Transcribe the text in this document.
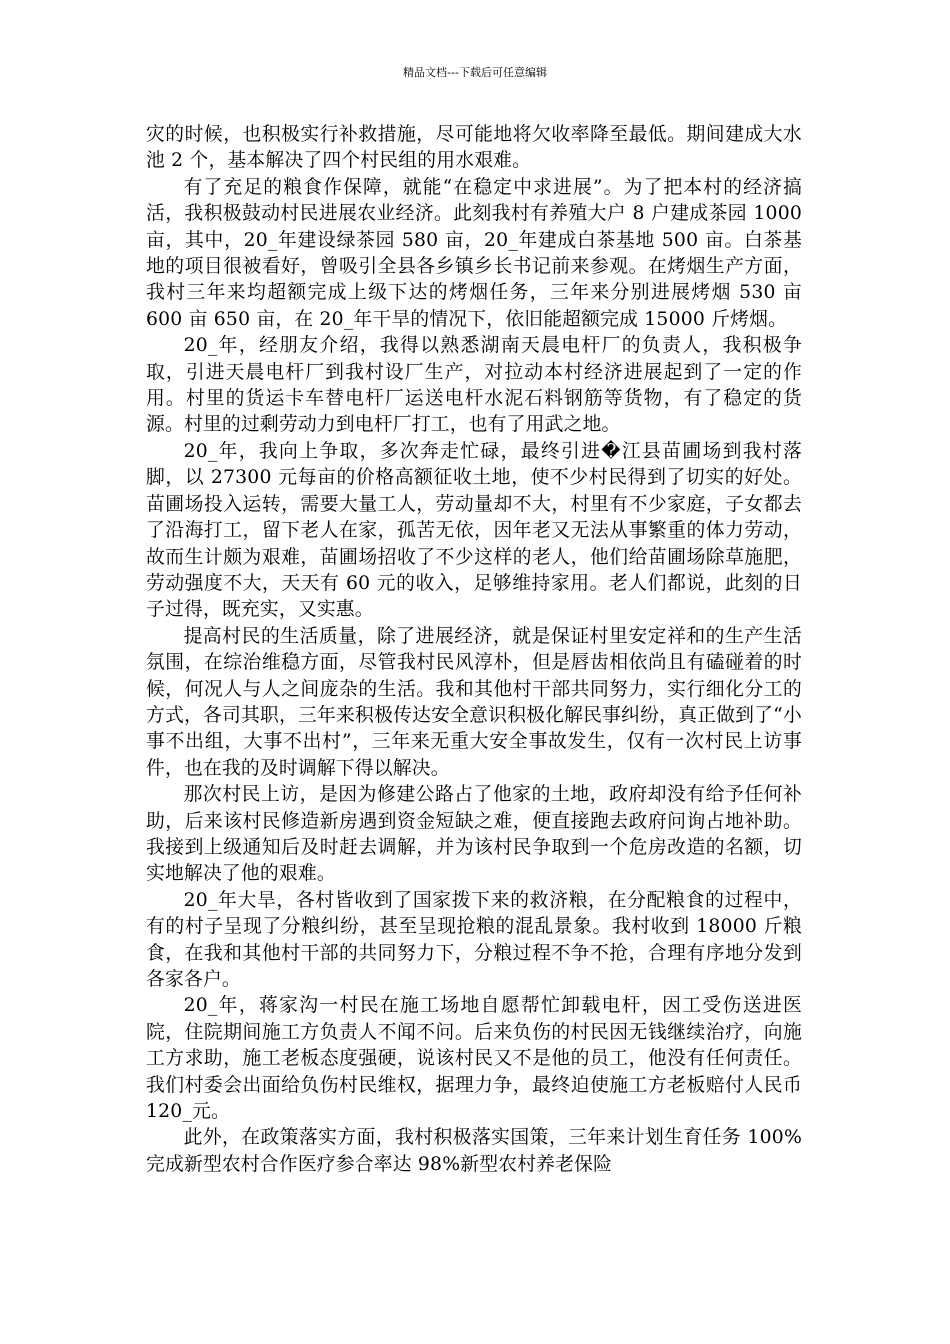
精品文档---下载后可任意编辑

灾的时候，也积极实行补救措施，尽可能地将欠收率降至最低。期间建成大水池 2 个，基本解决了四个村民组的用水艰难。

有了充足的粮食作保障，就能“在稳定中求进展”。为了把本村的经济搞活，我积极鼓动村民进展农业经济。此刻我村有养殖大户 8 户建成茶园 1000 亩，其中，20_年建设绿茶园 580 亩，20_年建成白茶基地 500 亩。白茶基地的项目很被看好，曾吸引全县各乡镇乡长书记前来参观。在烤烟生产方面，我村三年来均超额完成上级下达的烤烟任务，三年来分别进展烤烟 530 亩 600 亩 650 亩，在 20_年干旱的情况下，依旧能超额完成 15000 斤烤烟。

20_年，经朋友介绍，我得以熟悉湖南天晨电杆厂的负责人，我积极争取，引进天晨电杆厂到我村设厂生产，对拉动本村经济进展起到了一定的作用。村里的货运卡车替电杆厂运送电杆水泥石料钢筋等货物，有了稳定的货源。村里的过剩劳动力到电杆厂打工，也有了用武之地。

20_年，我向上争取，多次奔走忙碌，最终引进�江县苗圃场到我村落脚，以 27300 元每亩的价格高额征收土地，使不少村民得到了切实的好处。苗圃场投入运转，需要大量工人，劳动量却不大，村里有不少家庭，子女都去了沿海打工，留下老人在家，孤苦无依，因年老又无法从事繁重的体力劳动，故而生计颇为艰难，苗圃场招收了不少这样的老人，他们给苗圃场除草施肥，劳动强度不大，天天有 60 元的收入，足够维持家用。老人们都说，此刻的日子过得，既充实，又实惠。

提高村民的生活质量，除了进展经济，就是保证村里安定祥和的生产生活氛围，在综治维稳方面，尽管我村民风淳朴，但是唇齿相依尚且有磕碰着的时候，何况人与人之间庞杂的生活。我和其他村干部共同努力，实行细化分工的方式，各司其职，三年来积极传达安全意识积极化解民事纠纷，真正做到了“小事不出组，大事不出村”，三年来无重大安全事故发生，仅有一次村民上访事件，也在我的及时调解下得以解决。

那次村民上访，是因为修建公路占了他家的土地，政府却没有给予任何补助，后来该村民修造新房遇到资金短缺之难，便直接跑去政府问询占地补助。我接到上级通知后及时赶去调解，并为该村民争取到一个危房改造的名额，切实地解决了他的艰难。

20_年大旱，各村皆收到了国家拨下来的救济粮，在分配粮食的过程中，有的村子呈现了分粮纠纷，甚至呈现抢粮的混乱景象。我村收到 18000 斤粮食，在我和其他村干部的共同努力下，分粮过程不争不抢，合理有序地分发到各家各户。

20_年，蒋家沟一村民在施工场地自愿帮忙卸载电杆，因工受伤送进医院，住院期间施工方负责人不闻不问。后来负伤的村民因无钱继续治疗，向施工方求助，施工老板态度强硬，说该村民又不是他的员工，他没有任何责任。我们村委会出面给负伤村民维权，据理力争，最终迫使施工方老板赔付人民币 120_元。

此外，在政策落实方面，我村积极落实国策，三年来计划生育任务 100%完成新型农村合作医疗参合率达 98%新型农村养老保险
